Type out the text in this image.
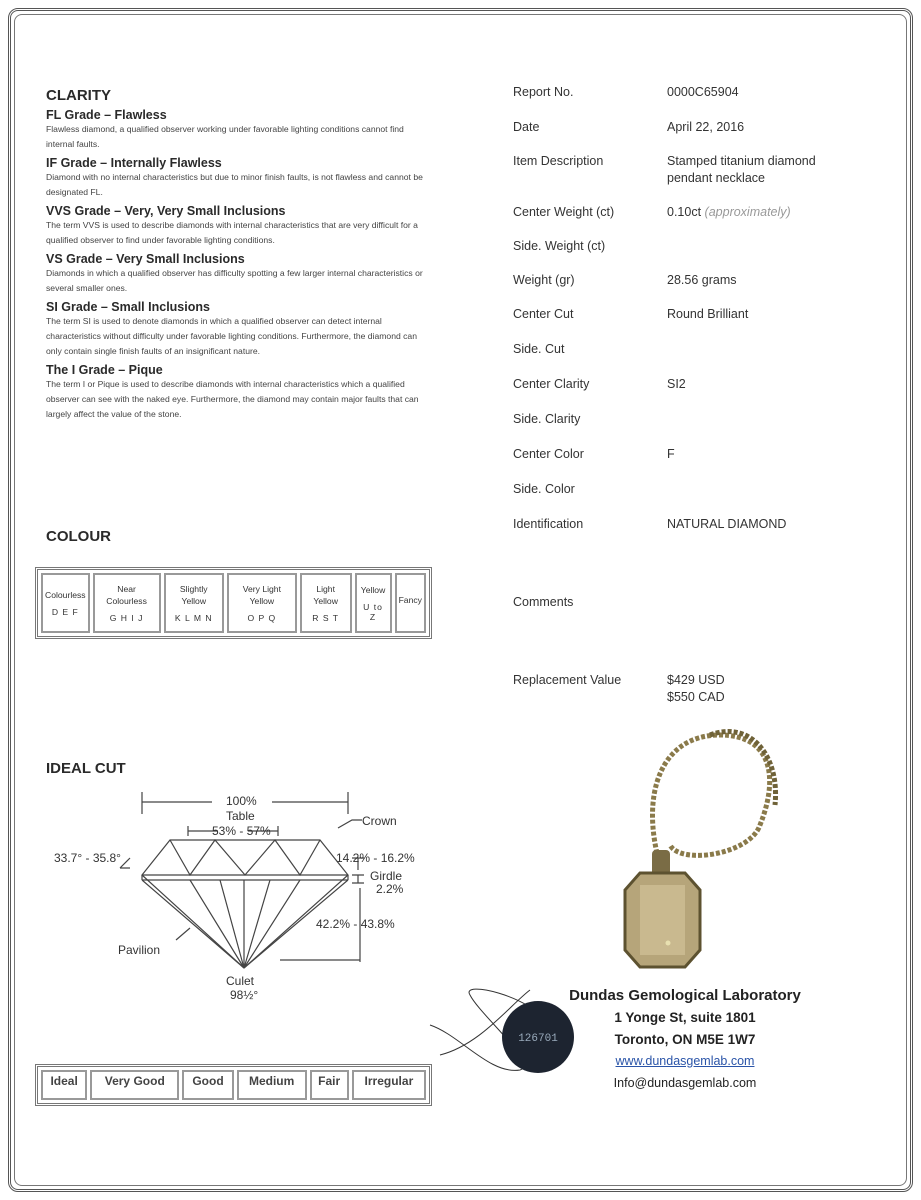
CLARITY
FL Grade – Flawless
Flawless diamond, a qualified observer working under favorable lighting conditions cannot find internal faults.
IF Grade – Internally Flawless
Diamond with no internal characteristics but due to minor finish faults, is not flawless and cannot be designated FL.
VVS Grade – Very, Very Small Inclusions
The term VVS is used to describe diamonds with internal characteristics that are very difficult for a qualified observer to find under favorable lighting conditions.
VS Grade – Very Small Inclusions
Diamonds in which a qualified observer has difficulty spotting a few larger internal characteristics or several smaller ones.
SI Grade – Small Inclusions
The term SI is used to denote diamonds in which a qualified observer can detect internal characteristics without difficulty under favorable lighting conditions. Furthermore, the diamond can only contain single finish faults of an insignificant nature.
The I Grade – Pique
The term I or Pique is used to describe diamonds with internal characteristics which a qualified observer can see with the naked eye. Furthermore, the diamond may contain major faults that can largely affect the value of the stone.
COLOUR
Colourless
D E F

Near Colourless
G H I J

Slightly Yellow
K L M N

Very Light Yellow
O P Q

Light Yellow
R S T

Yellow
U to Z

Fancy
IDEAL CUT
100%
Table
53% - 57%
Crown
33.7° - 35.8°	14.2% - 16.2%
Girdle
2.2%
42.2% - 43.8%
Pavilion
Culet
98½°
Ideal	Very Good	Good	Medium	Fair	Irregular
Report No.	0000C65904
Date	April 22, 2016
Item Description	Stamped titanium diamond pendant necklace
Center Weight (ct)	0.10ct (approximately)
Side. Weight (ct)
Weight (gr)	28.56 grams
Center Cut	Round Brilliant
Side. Cut
Center Clarity	SI2
Side. Clarity
Center Color	F
Side. Color
Identification	NATURAL DIAMOND
Comments
Replacement Value	$429 USD
$550 CAD
126701
Dundas Gemological Laboratory
1 Yonge St, suite 1801
Toronto, ON M5E 1W7
www.dundasgemlab.com
Info@dundasgemlab.com
